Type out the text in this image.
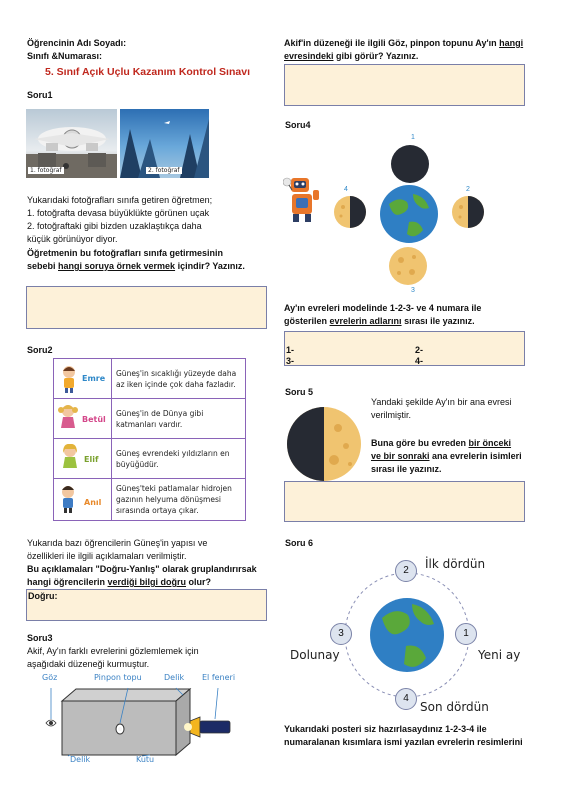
Öğrencinin Adı Soyadı:
Sınıfı &Numarası:
5. Sınıf Açık Uçlu Kazanım Kontrol Sınavı
Soru1
1. fotoğraf	2. fotoğraf
Yukarıdaki fotoğrafları sınıfa getiren öğretmen;
1. fotoğrafta devasa büyüklükte görünen uçak
2. fotoğraftaki gibi bizden uzaklaştıkça daha
küçük görünüyor diyor.
Öğretmenin bu fotoğrafları sınıfa getirmesinin
sebebi hangi soruya örnek vermek içindir? Yazınız.
Soru2
Emre	Güneş'in sıcaklığı yüzeyde daha az iken içinde çok daha fazladır.

Betül	Güneş'in de Dünya gibi katmanları vardır.

Elif	Güneş evrendeki yıldızların en büyüğüdür.

Anıl	Güneş'teki patlamalar hidrojen gazının helyuma dönüşmesi sırasında ortaya çıkar.
Yukarıda bazı öğrencilerin Güneş'in yapısı ve
özellikleri ile ilgili açıklamaları verilmiştir.
Bu açıklamaları "Doğru-Yanlış" olarak gruplandırırsak
hangi öğrencilerin verdiği bilgi doğru olur?
Doğru:
Soru3
Akif, Ay'ın farklı evrelerini gözlemlemek için
aşağıdaki düzeneği kurmuştur.
Göz	Pinpon topu	Delik El feneri
Delik	Kutu
Akif'in düzeneği ile ilgili Göz, pinpon topunu Ay'ın hangi
evresindeki gibi görür? Yazınız.
Soru4
1
4	2
3
Ay'ın evreleri modelinde 1-2-3- ve 4 numara ile
gösterilen evrelerin adlarını sırası ile yazınız.
1-	2-
3-	4-
Soru 5
Yandaki şekilde Ay'ın bir ana evresi
verilmiştir.
Buna göre bu evreden bir önceki
ve bir sonraki ana evrelerin isimleri
sırası ile yazınız.
Soru 6
2
3	1
4
İlk dördün
Dolunay	Yeni ay
Son dördün
Yukarıdaki posteri siz hazırlasaydınız 1-2-3-4 ile
numaralanan kısımlara ismi yazılan evrelerin resimlerini
